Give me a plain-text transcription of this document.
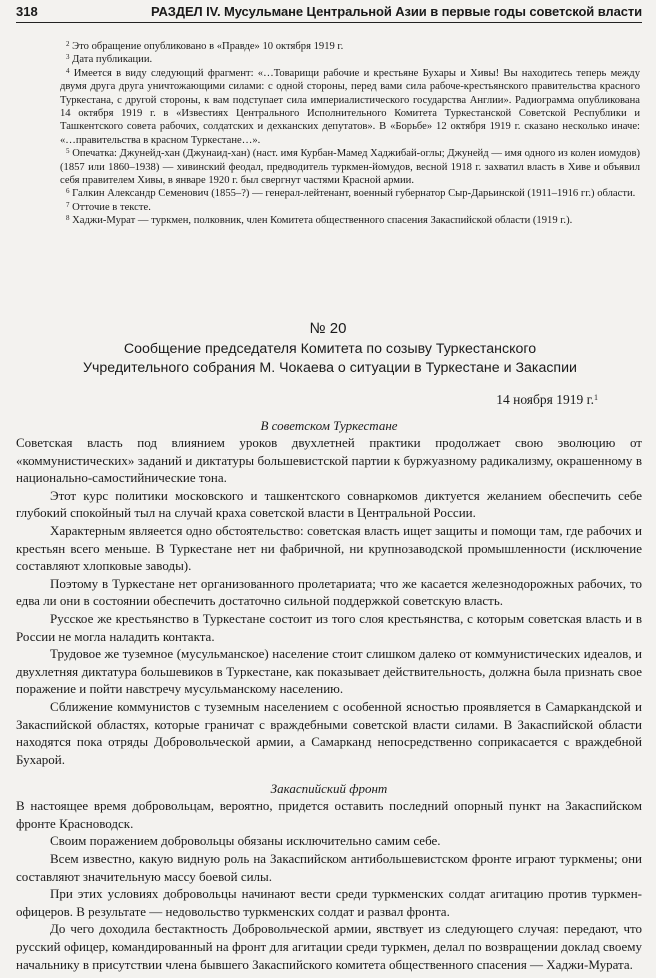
318	РАЗДЕЛ IV. Мусульмане Центральной Азии в первые годы советской власти

$^2$ Это обращение опубликовано в «Правде» 10 октября 1919 г.

$^3$ Дата публикации.

$^4$ Имеется в виду следующий фрагмент: «…Товарищи рабочие и крестьяне Бухары и Хивы! Вы находитесь теперь между двумя друга друга уничтожающими силами: с одной стороны, перед вами сила рабоче-крестьянского правительства красного Туркестана, с другой стороны, к вам подступает сила империалистического государства Англии». Радиограмма опубликована 14 октября 1919 г. в «Известиях Центрального Исполнительного Комитета Туркестанской Советской Республики и Ташкентского совета рабочих, солдатских и дехканских депутатов». В «Борьбе» 12 октября 1919 г. сказано несколько иначе: «…правительства в красном Туркестане…».

$^5$ Опечатка: Джунейд-хан (Джунаид-хан) (наст. имя Курбан-Мамед Хаджибай-оглы; Джунейд — имя одного из колен иомудов) (1857 или 1860–1938) — хивинский феодал, предводитель туркмен-йомудов, весной 1918 г. захватил власть в Хиве и объявил себя правителем Хивы, в январе 1920 г. был свергнут частями Красной армии.

$^6$ Галкин Александр Семенович (1855–?) — генерал-лейтенант, военный губернатор Сыр-Дарьинской (1911–1916 гг.) области.

$^7$ Отточие в тексте.

$^8$ Хаджи-Мурат — туркмен, полковник, член Комитета общественного спасения Закаспийской области (1919 г.).

№ 20
Сообщение председателя Комитета по созыву Туркестанского Учредительного собрания М. Чокаева о ситуации в Туркестане и Закаспии
14 ноября 1919 г.$^1$
В советском Туркестане

Советская власть под влиянием уроков двухлетней практики продолжает свою эволюцию от «коммунистических» заданий и диктатуры большевистской партии к буржуазному радикализму, окрашенному в национально-самостийнические тона.

Этот курс политики московского и ташкентского совнаркомов диктуется желанием обеспечить себе глубокий спокойный тыл на случай краха советской власти в Центральной России.

Характерным являеется одно обстоятельство: советская власть ищет защиты и помощи там, где рабочих и крестьян всего меньше. В Туркестане нет ни фабричной, ни крупнозаводской промышленности (исключение составляют хлопковые заводы).

Поэтому в Туркестане нет организованного пролетариата; что же касается железнодорожных рабочих, то едва ли они в состоянии обеспечить достаточно сильной поддержкой советскую власть.

Русское же крестьянство в Туркестане состоит из того слоя крестьянства, с которым советская власть и в России не могла наладить контакта.

Трудовое же туземное (мусульманское) население стоит слишком далеко от коммунистических идеалов, и двухлетняя диктатура большевиков в Туркестане, как показывает действительность, должна была признать свое поражение и пойти навстречу мусульманскому населению.

Сближение коммунистов с туземным населением с особенной ясностью проявляется в Самаркандской и Закаспийской областях, которые граничат с враждебными советской власти силами. В Закаспийской области находятся пока отряды Добровольческой армии, а Самарканд непосредственно соприкасается с враждебной Бухарой.

Закаспийский фронт

В настоящее время добровольцам, вероятно, придется оставить последний опорный пункт на Закаспийском фронте Красноводск.

Своим поражением добровольцы обязаны исключительно самим себе.

Всем известно, какую видную роль на Закаспийском антибольшевистском фронте играют туркмены; они составляют значительную массу боевой силы.

При этих условиях добровольцы начинают вести среди туркменских солдат агитацию против туркмен-офицеров. В результате — недовольство туркменских солдат и развал фронта.

До чего доходила бестактность Добровольческой армии, явствует из следующего случая: передают, что русский офицер, командированный на фронт для агитации среди туркмен, делал по возвращении доклад своему начальнику в присутствии члена бывшего Закаспийского комитета общественного спасения — Хаджи-Мурата.
